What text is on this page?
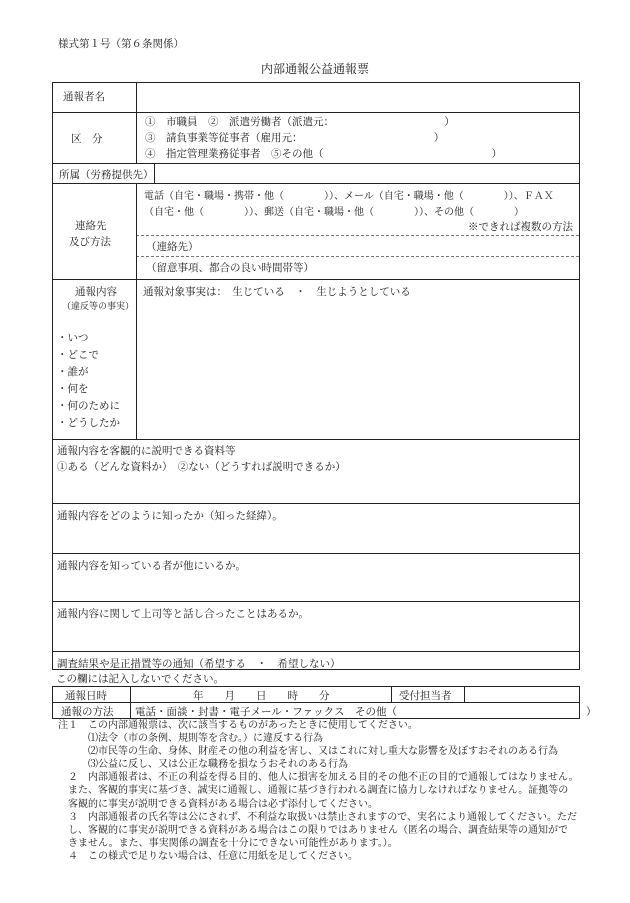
様式第１号（第６条関係）
内部通報公益通報票
通報者名
区　分
①　市職員　②　派遣労働者（派遣元：　　　　　　　　　　　）
③　請負事業等従事者（雇用元：　　　　　　　　　　　　　）
④　指定管理業務従事者　⑤その他（　　　　　　　　　　　　　　　　）
所属（労務提供先）
連絡先
及び方法
電話（自宅・職場・携帯・他（　　　　））、メール（自宅・職場・他（　　　　））、ＦＡＸ
（自宅・他（　　　　））、郵送（自宅・職場・他（　　　　））、その他（　　　　）
※できれば複数の方法
（連絡先）
（留意事項、都合の良い時間帯等）
通報内容
（違反等の事実）
・いつ
・どこで
・誰が
・何を
・何のために
・どうしたか
通報対象事実は：　生じている　・　生じようとしている
通報内容を客観的に説明できる資料等
①ある（どんな資料か）　②ない（どうすれば説明できるか）
通報内容をどのように知ったか（知った経緯）。
通報内容を知っている者が他にいるか。
通報内容に関して上司等と話し合ったことはあるか。
調査結果や是正措置等の通知（希望する　・　希望しない）
この欄には記入しないでください。
通報日時	年　　月　　日　　時　　分	受付担当者
通報の方法 電話・面談・封書・電子メール・ファックス　その他（　　　　　　　　　　　　　　　　　　）
注１　 この内部通報票は、次に該当するものがあったときに使用してください。
⑴法令（市の条例、規則等を含む。）に違反する行為
⑵市民等の生命、身体、財産その他の利益を害し、又はこれに対し重大な影響を及ぼすおそれのある行為
⑶公益に反し、又は公正な職務を損なうおそれのある行為
２　 内部通報者は、不正の利益を得る目的、他人に損害を加える目的その他不正の目的で通報してはなりません。
また、客観的事実に基づき、誠実に通報し、通報に基づき行われる調査に協力しなければなりません。証拠等の
客観的に事実が説明できる資料がある場合は必ず添付してください。
３　 内部通報者の氏名等は公にされず、不利益な取扱いは禁止されますので、実名により通報してください。ただ
し、客観的に事実が説明できる資料がある場合はこの限りではありません（匿名の場合、調査結果等の通知がで
きません。また、事実関係の調査を十分にできない可能性があります。）。
４　 この様式で足りない場合は、任意に用紙を足してください。
